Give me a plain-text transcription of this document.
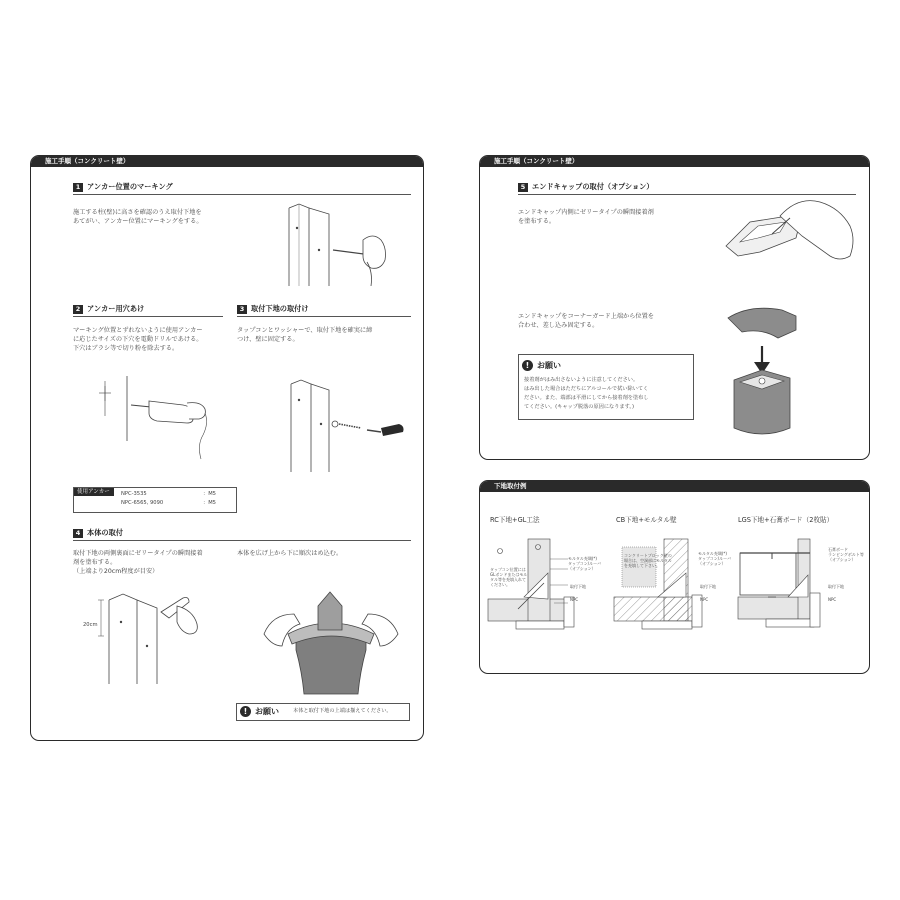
施工手順（コンクリート壁）
1 アンカー位置のマーキング
施工する柱(壁)に高さを確認のうえ取付下地を
あてがい、アンカー位置にマーキングをする。
2 アンカー用穴あけ
マーキング位置とずれないように使用アンカー
に応じたサイズの下穴を電動ドリルであける。
下穴はブラシ等で切り粉を除去する。
3 取付下地の取付け
タップコンとワッシャーで、取付下地を確実に締
つけ、壁に固定する。
使用アンカー	NPC-3535	：M5
NPC-6565, 9090	：M5
4 本体の取付
取付下地の両側裏面にゼリータイプの瞬間接着
剤を塗布する。
（上端より20cm程度が目安）
本体を広げ上から下に順次はめ込む。
20cm
! お願い	本体と取付下地の上端は揃えてください。
施工手順（コンクリート壁）
5 エンドキャップの取付（オプション）
エンドキャップ内側にゼリータイプの瞬間接着剤
を塗布する。
エンドキャップをコーナーガード上端から位置を
合わせ、差し込み固定する。
! お願い
接着剤がはみ出さないように注意してください。
はみ出した場合はただちにアルコールで拭い除いてく
ださい。また、端部は平滑にしてから接着剤を塗布し
てください。(キャップ脱落の原因になります。)
下地取付例
RC下地+GL工法	CB下地+モルタル壁	LGS下地+石膏ボード（2枚貼）
モルタル充塡(*)
タップコン/ルーバ
（オプション）
取付下地
NPC
タップコン位置には
GLボンドまたはモル
タル等を充填入れて
ください。
モルタル充塡(*)
タップコン/ルーバ
（オプション）
取付下地
NPC
コンクリートブロック壁の
場合は、空洞部にモルタル
を充填して下さい。
石膏ボード
ランピングボルト等
（オプション）
取付下地
NPC
